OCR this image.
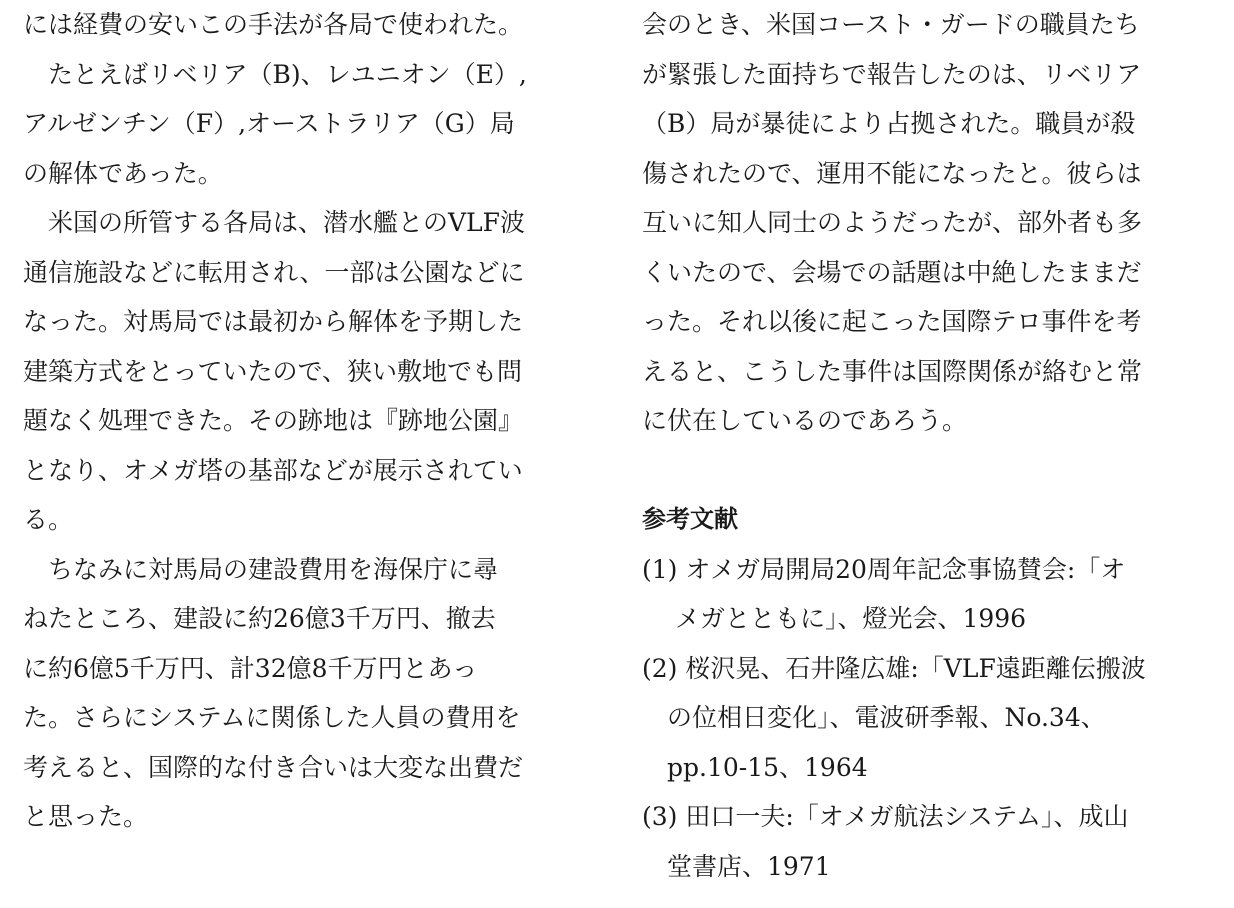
には経費の安いこの手法が各局で使われた。
　たとえばリベリア（B)、レユニオン（E）,
アルゼンチン（F）,オーストラリア（G）局
の解体であった。
　米国の所管する各局は、潜水艦とのVLF波
通信施設などに転用され、一部は公園などに
なった。対馬局では最初から解体を予期した
建築方式をとっていたので、狭い敷地でも問
題なく処理できた。その跡地は『跡地公園』
となり、オメガ塔の基部などが展示されてい
る。
　ちなみに対馬局の建設費用を海保庁に尋
ねたところ、建設に約26億3千万円、撤去
に約6億5千万円、計32億8千万円とあっ
た。さらにシステムに関係した人員の費用を
考えると、国際的な付き合いは大変な出費だ
と思った。
会のとき、米国コースト・ガードの職員たち
が緊張した面持ちで報告したのは、リベリア
（B）局が暴徒により占拠された。職員が殺
傷されたので、運用不能になったと。彼らは
互いに知人同士のようだったが、部外者も多
くいたので、会場での話題は中絶したままだ
った。それ以後に起こった国際テロ事件を考
えると、こうした事件は国際関係が絡むと常
に伏在しているのであろう。
参考文献
(1) オメガ局開局20周年記念事協賛会:「オ
　 メガとともに」、燈光会、1996
(2) 桜沢晃、石井隆広雄:「VLF遠距離伝搬波
　の位相日変化」、電波研季報、No.34、
　pp.10-15、1964
(3) 田口一夫:「オメガ航法システム」、成山
　堂書店、1971
